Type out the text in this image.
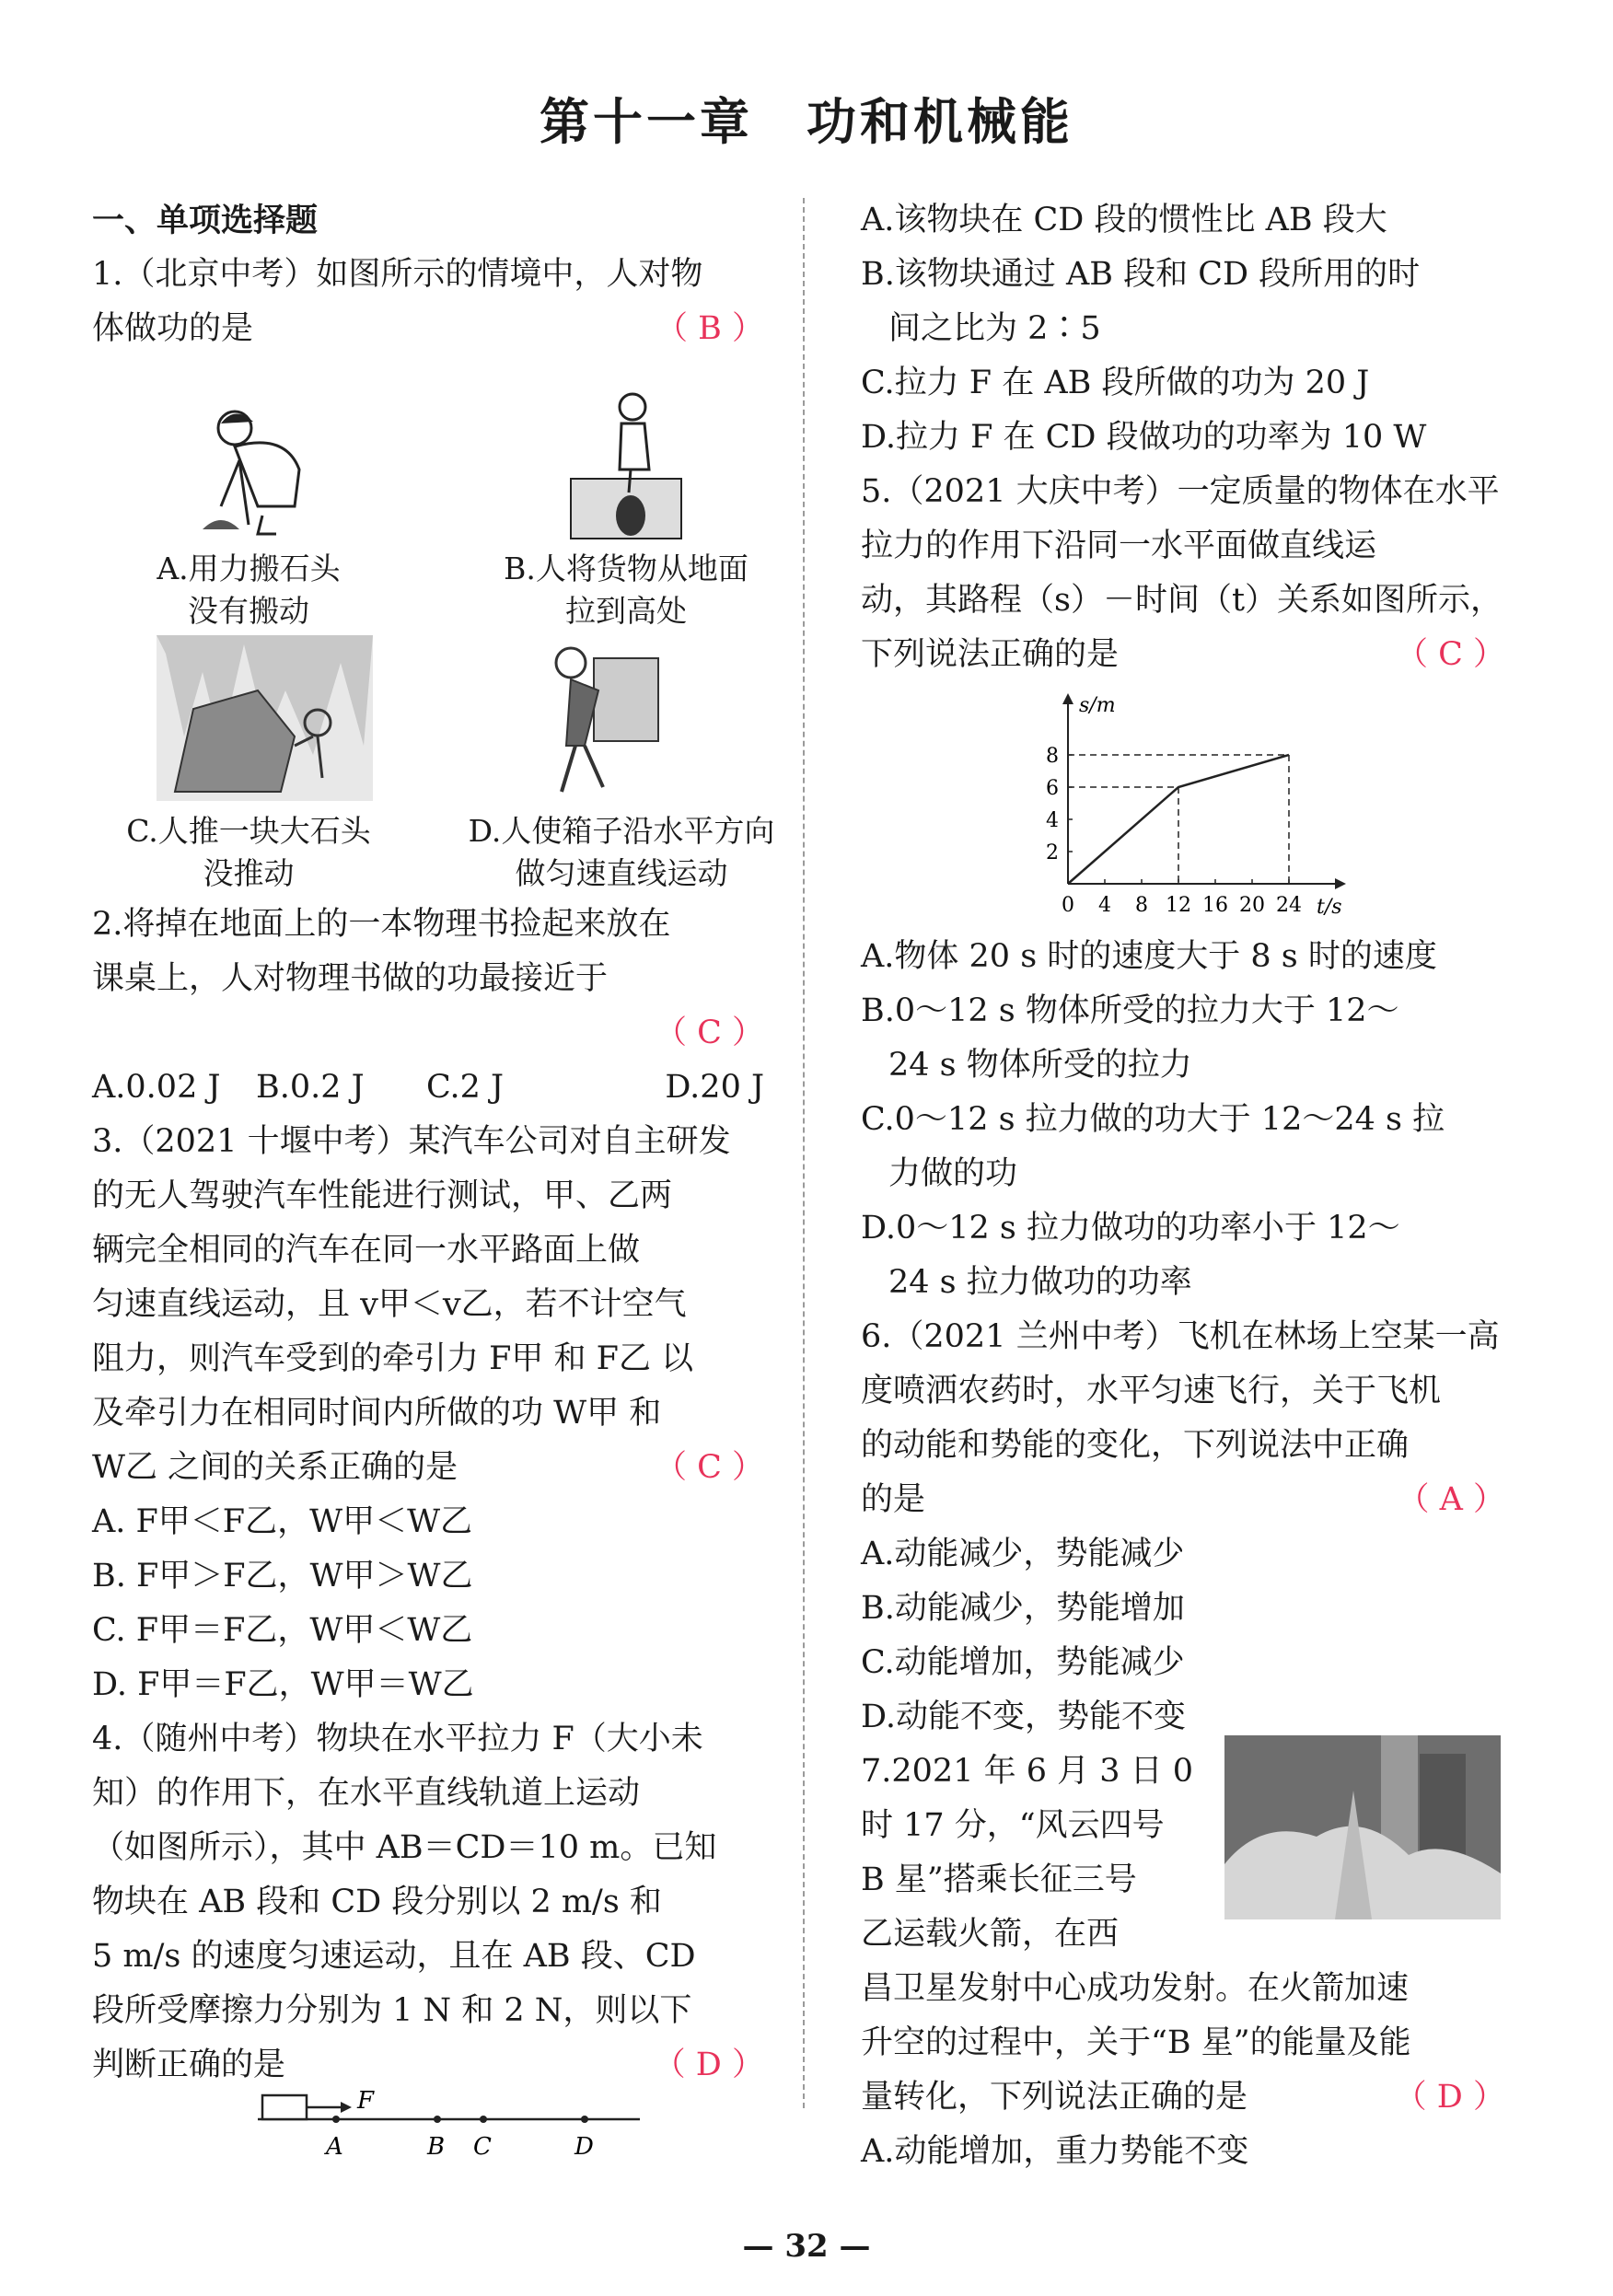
第十一章　功和机械能

一、单项选择题

1.（北京中考）如图所示的情境中，人对物

体做功的是	（ B ）

A.用力搬石头
没有搬动
B.人将货物从地面
拉到高处
C.人推一块大石头
没推动
D.人使箱子沿水平方向
做匀速直线运动

2.将掉在地面上的一本物理书捡起来放在

课桌上，人对物理书做的功最接近于

（ C ）

A.0.02 J B.0.2 J C.2 J	D.20 J

3.（2021 十堰中考）某汽车公司对自主研发

的无人驾驶汽车性能进行测试，甲、乙两

辆完全相同的汽车在同一水平路面上做

匀速直线运动，且 v甲＜v乙，若不计空气

阻力，则汽车受到的牵引力 F甲 和 F乙 以

及牵引力在相同时间内所做的功 W甲 和

W乙 之间的关系正确的是	（ C ）

A. F甲＜F乙，W甲＜W乙

B. F甲＞F乙，W甲＞W乙

C. F甲＝F乙，W甲＜W乙

D. F甲＝F乙，W甲＝W乙

4.（随州中考）物块在水平拉力 F（大小未

知）的作用下，在水平直线轨道上运动

（如图所示），其中 AB＝CD＝10 m。已知

物块在 AB 段和 CD 段分别以 2 m/s 和

5 m/s 的速度匀速运动，且在 AB 段、CD

段所受摩擦力分别为 1 N 和 2 N，则以下

判断正确的是	（ D ）

F
A	B C	D

A.该物块在 CD 段的惯性比 AB 段大

B.该物块通过 AB 段和 CD 段所用的时

间之比为 2∶5

C.拉力 F 在 AB 段所做的功为 20 J

D.拉力 F 在 CD 段做功的功率为 10 W

5.（2021 大庆中考）一定质量的物体在水平

拉力的作用下沿同一水平面做直线运

动，其路程（s）－时间（t）关系如图所示，

下列说法正确的是	（ C ）

0 4 8 12 16 20 24
2
4
6
8
s/m
t/s

A.物体 20 s 时的速度大于 8 s 时的速度

B.0～12 s 物体所受的拉力大于 12～

24 s 物体所受的拉力

C.0～12 s 拉力做的功大于 12～24 s 拉

力做的功

D.0～12 s 拉力做功的功率小于 12～

24 s 拉力做功的功率

6.（2021 兰州中考）飞机在林场上空某一高

度喷洒农药时，水平匀速飞行，关于飞机

的动能和势能的变化，下列说法中正确

的是	（ A ）

A.动能减少，势能减少

B.动能减少，势能增加

C.动能增加，势能减少

D.动能不变，势能不变

7.2021 年 6 月 3 日 0

时 17 分，“风云四号

B 星”搭乘长征三号

乙运载火箭，在西

昌卫星发射中心成功发射。在火箭加速

升空的过程中，关于“B 星”的能量及能

量转化，下列说法正确的是	（ D ）

A.动能增加，重力势能不变

— 32 —
